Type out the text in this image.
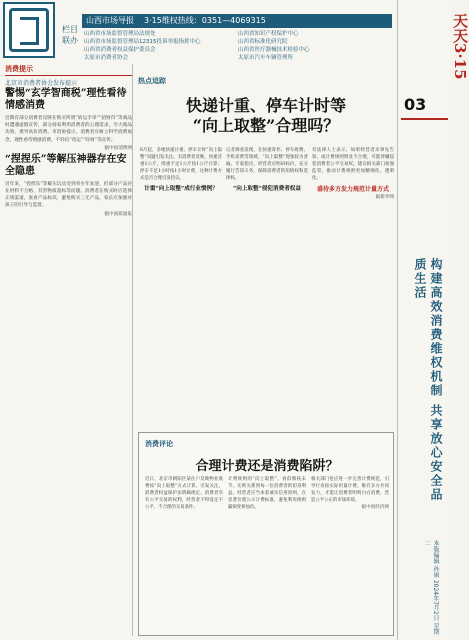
栏目联办
山西市场导报 3·15维权热线：0351—4069315
山西省市场监督管理局法规处	山西省知识产权保护中心
山西省市场监督管理局12315投诉举报指挥中心	山西省标准化研究院
山西省消费者权益保护委员会	山西省医疗器械技术检验中心
太原市消费者协会	太原市汽车车辆管理所	天天3·15
03
构建高效消费维权机制 共享放心安全品质生活
本版编辑 孙丽 2024年7月2日 星期二
消费提示
北京市消费者协会发布提示
警惕“玄学智商税”理性看待情感消费
近期有部分消费者反映在购买所谓“转运手串”“招财符”等商品时遭遇虚假宣传，部分商家利用消费者的心理需求，夸大商品功效，诱导高价消费。市消协提示，消费者应树立科学消费观念，理性看待情感消费，不轻信“改运”“旺财”等宣传。
据中国消费网
“捏捏乐”等解压神器存在安全隐患
近年来，“捏捏乐”等解压玩具受到青少年欢迎，但部分产品存在材料不合格、有害物质超标等问题。消费者在购买时应选择正规渠道，查看产品标识，避免购买三无产品，家长应加强对孩子的引导与监督。
据中国质量报
热点追踪
快递计重、停车计时等
“向上取整”合理吗？
8月起，多地快递计重、停车计时“向上取整”问题引发关注。有消费者反映，快递首重1公斤，续重不足1公斤按1公斤计算；停车不足1小时按1小时计费，这种计费方式是否合理引发热议。
计重“向上取整”成行业惯例？
记者调查发现，在快递寄件、停车收费、手机话费等领域，“向上取整”现象较为普遍。专家指出，经营者应明码标价，充分履行告知义务，保障消费者的知情权和选择权。
“向上取整”侵犯消费者权益
有法律人士表示，如果经营者未事先告知，或计费规则明显不合理，可能涉嫌侵犯消费者公平交易权。建议相关部门加强监管，推动计费规则更加精细化、透明化。
盛待多方发力规范计量方式
据新华网
消费评论
合理计费还是消费陷阱？
近日，北京市朝阳区某住户反映物业收费按“向上取整”方式计算，引发关注。消费者权益保护法明确规定，消费者享有公平交易的权利，经营者不得设定不公平、不合理的交易条件。
计费规则的“向上取整”，看似细枝末节，实则关系到每一位消费者的切身利益。经营者应当本着诚实信用原则，在显著位置公示计费标准，避免利用规则漏洞变相加价。
相关部门也应进一步完善计费规范，引导行业按实际用量计费。唯有多方共同发力，才能让消费者明明白白消费，营造公平公正的市场环境。
据中国经济网
